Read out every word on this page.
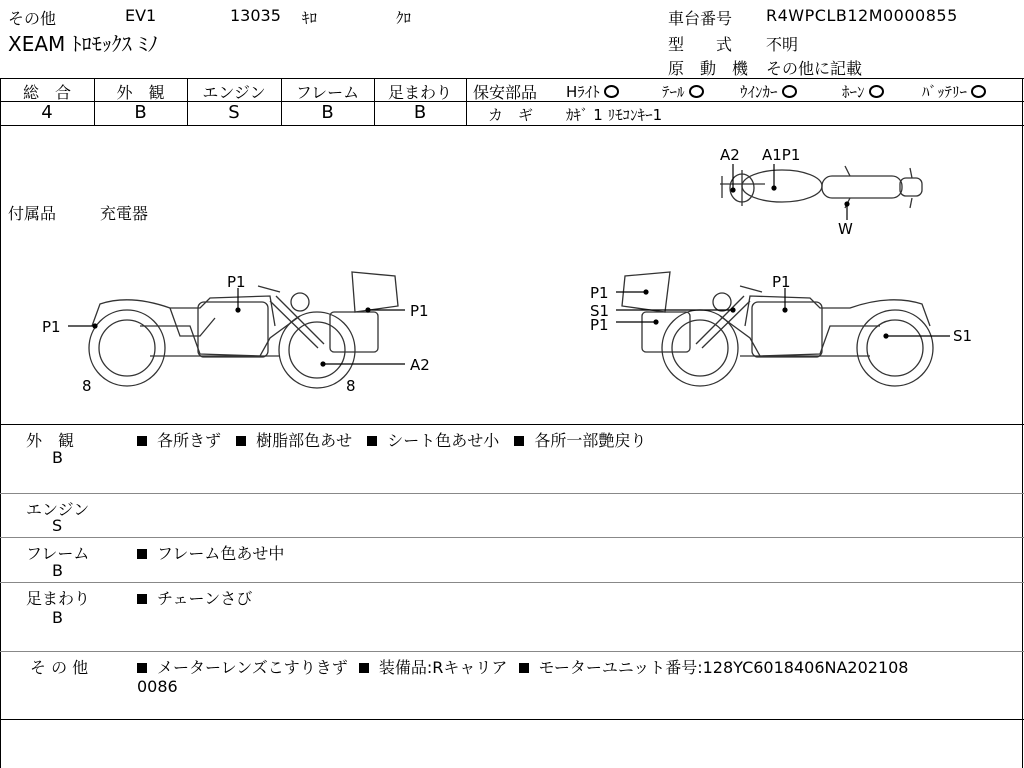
その他	EV1	13035 ｷﾛ	ｸﾛ
XEAM ﾄﾛﾓｯｸｽ ﾐﾉ
車台番号 R4WPCLB12M0000855
型　　式 不明
原　動　機 その他に記載
総　合	外　観	エンジン	フレーム	足まわり
4	B	S	B	B
保安部品 Hﾗｲﾄ	ﾃｰﾙ	ｳｲﾝｶｰ	ﾎｰﾝ	ﾊﾞｯﾃﾘｰ
カ　ギ ｶｷﾞ 1 ﾘﾓｺﾝｷｰ1
付属品	充電器
A2 A1P1
W
P1
P1
P1
A2
8	8
P1
S1
P1
P1
S1
外　観
B
各所きず 樹脂部色あせ シート色あせ小 各所一部艶戻り
エンジン
S
フレーム
B
フレーム色あせ中
足まわり
B
チェーンさび
そ の 他	メーターレンズこすりきず 装備品:Rキャリア モーターユニット番号:128YC6018406NA202108
0086
